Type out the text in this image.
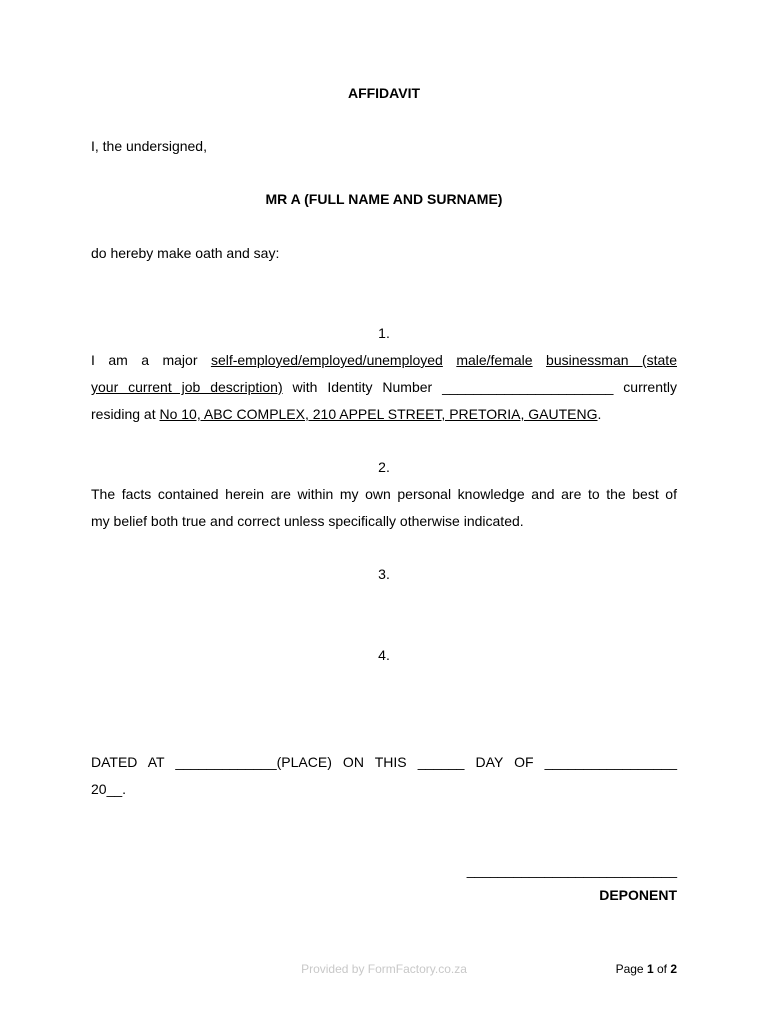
AFFIDAVIT

I, the undersigned,

MR A (FULL NAME AND SURNAME)

do hereby make oath and say:

1.

I am a major self-employed/employed/unemployed male/female businessman (state

your current job description) with Identity Number ______________________ currently

residing at No 10, ABC COMPLEX, 210 APPEL STREET, PRETORIA, GAUTENG.

2.

The facts contained herein are within my own personal knowledge and are to the best of

my belief both true and correct unless specifically otherwise indicated.

3.

4.

DATED AT _____________(PLACE) ON THIS ______ DAY OF _________________

20__.

___________________________

DEPONENT

Provided by FormFactory.co.za	Page 1 of 2
